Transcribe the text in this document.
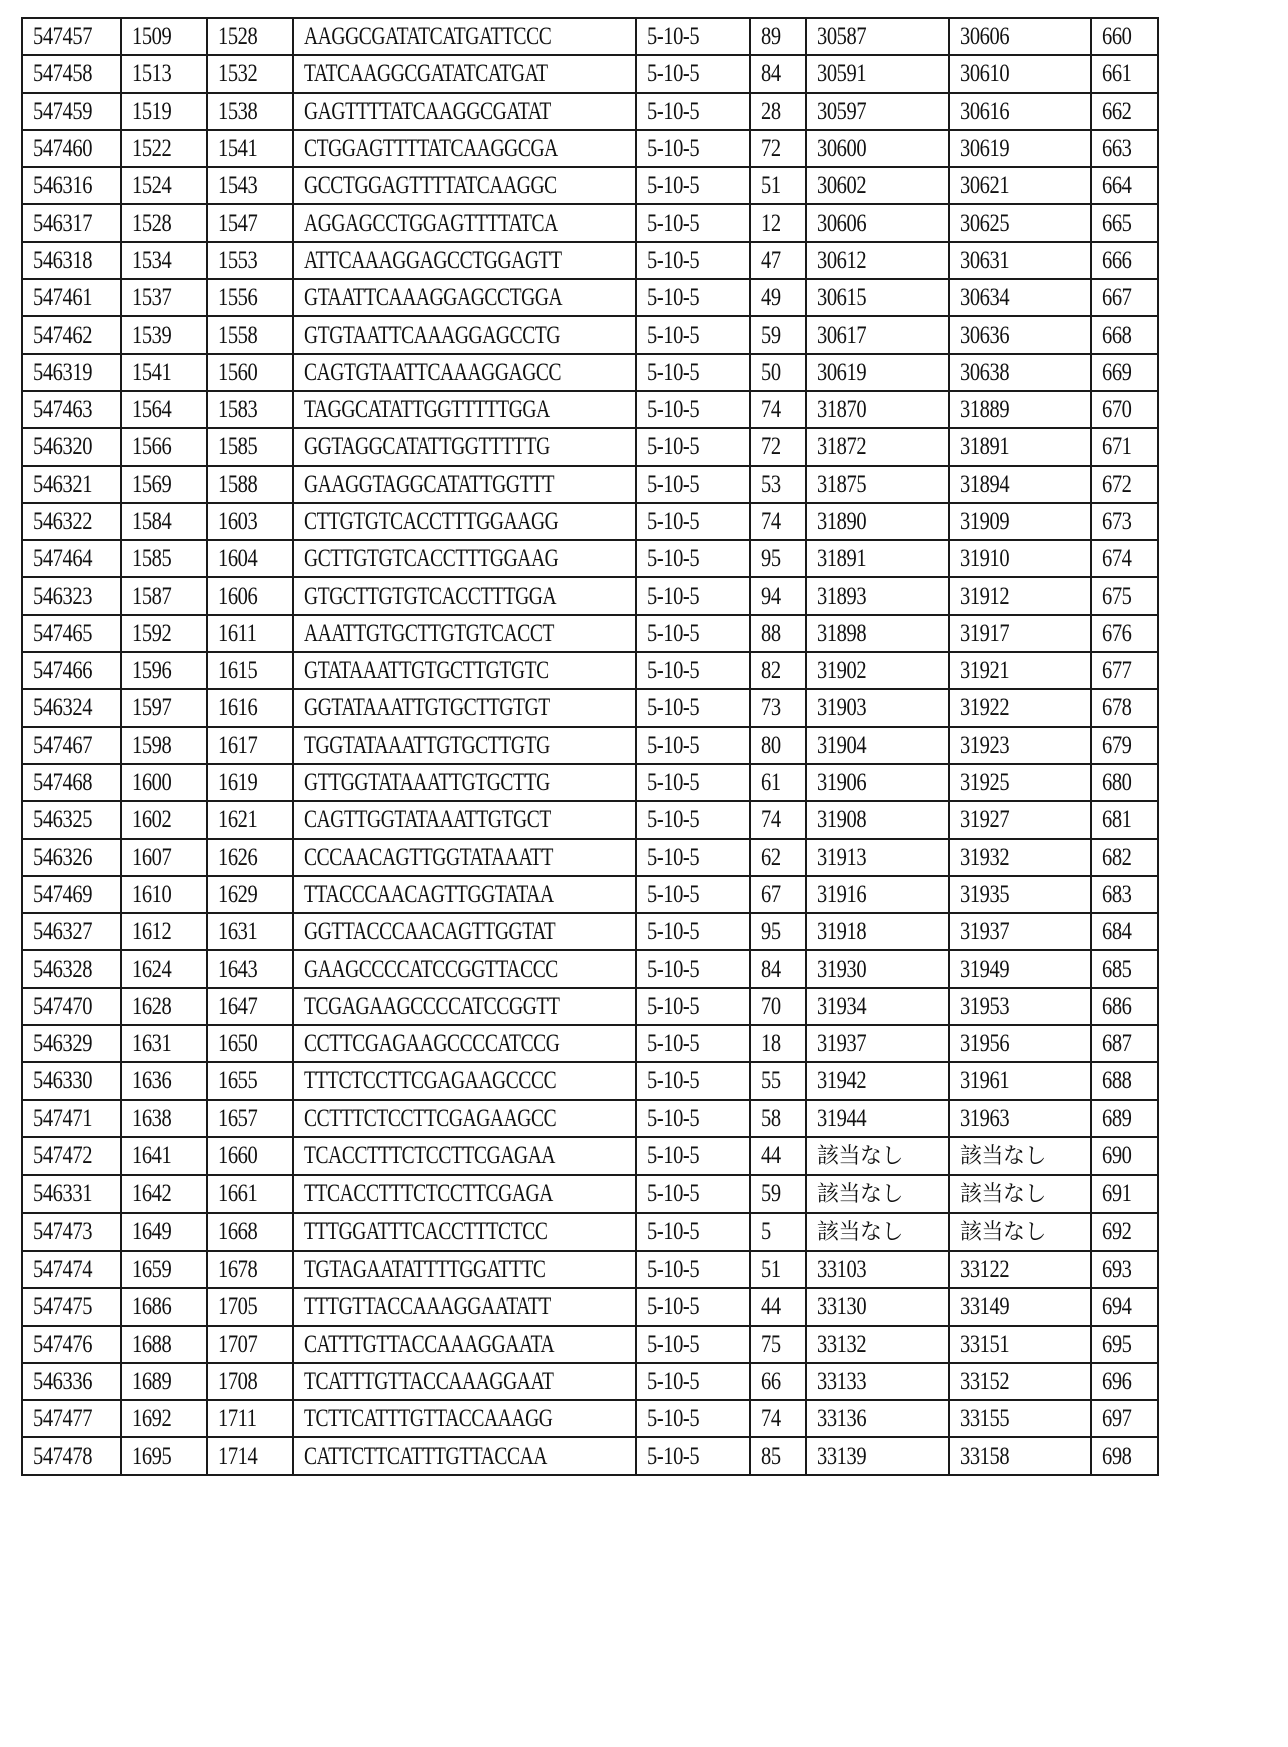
547457	1509	1528	AAGGCGATATCATGATTCCC	5-10-5	89	30587	30606	660
547458	1513	1532	TATCAAGGCGATATCATGAT	5-10-5	84	30591	30610	661
547459	1519	1538	GAGTTTTATCAAGGCGATAT	5-10-5	28	30597	30616	662
547460	1522	1541	CTGGAGTTTTATCAAGGCGA	5-10-5	72	30600	30619	663
546316	1524	1543	GCCTGGAGTTTTATCAAGGC	5-10-5	51	30602	30621	664
546317	1528	1547	AGGAGCCTGGAGTTTTATCA	5-10-5	12	30606	30625	665
546318	1534	1553	ATTCAAAGGAGCCTGGAGTT	5-10-5	47	30612	30631	666
547461	1537	1556	GTAATTCAAAGGAGCCTGGA	5-10-5	49	30615	30634	667
547462	1539	1558	GTGTAATTCAAAGGAGCCTG	5-10-5	59	30617	30636	668
546319	1541	1560	CAGTGTAATTCAAAGGAGCC	5-10-5	50	30619	30638	669
547463	1564	1583	TAGGCATATTGGTTTTTGGA	5-10-5	74	31870	31889	670
546320	1566	1585	GGTAGGCATATTGGTTTTTG	5-10-5	72	31872	31891	671
546321	1569	1588	GAAGGTAGGCATATTGGTTT	5-10-5	53	31875	31894	672
546322	1584	1603	CTTGTGTCACCTTTGGAAGG	5-10-5	74	31890	31909	673
547464	1585	1604	GCTTGTGTCACCTTTGGAAG	5-10-5	95	31891	31910	674
546323	1587	1606	GTGCTTGTGTCACCTTTGGA	5-10-5	94	31893	31912	675
547465	1592	1611	AAATTGTGCTTGTGTCACCT	5-10-5	88	31898	31917	676
547466	1596	1615	GTATAAATTGTGCTTGTGTC	5-10-5	82	31902	31921	677
546324	1597	1616	GGTATAAATTGTGCTTGTGT	5-10-5	73	31903	31922	678
547467	1598	1617	TGGTATAAATTGTGCTTGTG	5-10-5	80	31904	31923	679
547468	1600	1619	GTTGGTATAAATTGTGCTTG	5-10-5	61	31906	31925	680
546325	1602	1621	CAGTTGGTATAAATTGTGCT	5-10-5	74	31908	31927	681
546326	1607	1626	CCCAACAGTTGGTATAAATT	5-10-5	62	31913	31932	682
547469	1610	1629	TTACCCAACAGTTGGTATAA	5-10-5	67	31916	31935	683
546327	1612	1631	GGTTACCCAACAGTTGGTAT	5-10-5	95	31918	31937	684
546328	1624	1643	GAAGCCCCATCCGGTTACCC	5-10-5	84	31930	31949	685
547470	1628	1647	TCGAGAAGCCCCATCCGGTT	5-10-5	70	31934	31953	686
546329	1631	1650	CCTTCGAGAAGCCCCATCCG	5-10-5	18	31937	31956	687
546330	1636	1655	TTTCTCCTTCGAGAAGCCCC	5-10-5	55	31942	31961	688
547471	1638	1657	CCTTTCTCCTTCGAGAAGCC	5-10-5	58	31944	31963	689
547472	1641	1660	TCACCTTTCTCCTTCGAGAA	5-10-5	44	該当なし	該当なし	690
546331	1642	1661	TTCACCTTTCTCCTTCGAGA	5-10-5	59	該当なし	該当なし	691
547473	1649	1668	TTTGGATTTCACCTTTCTCC	5-10-5	5	該当なし	該当なし	692
547474	1659	1678	TGTAGAATATTTTGGATTTC	5-10-5	51	33103	33122	693
547475	1686	1705	TTTGTTACCAAAGGAATATT	5-10-5	44	33130	33149	694
547476	1688	1707	CATTTGTTACCAAAGGAATA	5-10-5	75	33132	33151	695
546336	1689	1708	TCATTTGTTACCAAAGGAAT	5-10-5	66	33133	33152	696
547477	1692	1711	TCTTCATTTGTTACCAAAGG	5-10-5	74	33136	33155	697
547478	1695	1714	CATTCTTCATTTGTTACCAA	5-10-5	85	33139	33158	698
